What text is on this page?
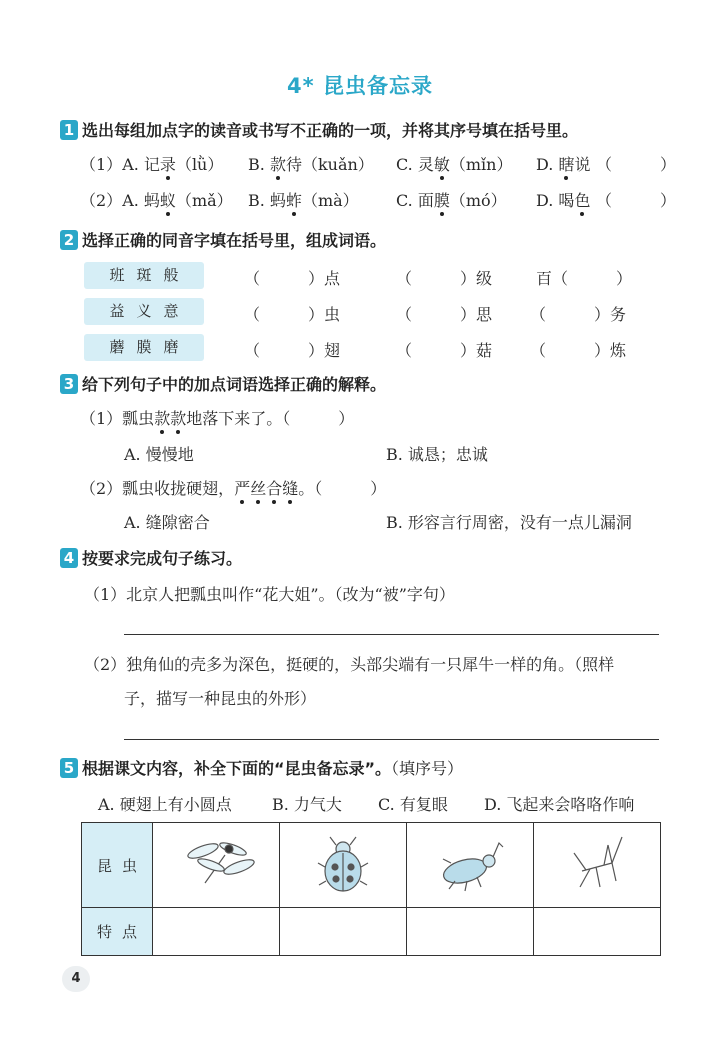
4* 昆虫备忘录
1 选出每组加点字的读音或书写不正确的一项，并将其序号填在括号里。
（1）A. 记录（lǜ） B. 款待（kuǎn） C. 灵敏（mǐn） D. 瞎说 （　　　）
（2）A. 蚂蚁（mǎ） B. 蚂蚱（mà） C. 面膜（mó） D. 喝色 （　　　）
2 选择正确的同音字填在括号里，组成词语。
班斑般	（　　　）点	（　　　）级	百（　　　）
益义意	（　　　）虫	（　　　）思 （　　　）务
蘑膜磨	（　　　）翅	（　　　）菇 （　　　）炼
3 给下列句子中的加点词语选择正确的解释。
（1）瓢虫款款地落下来了。（　　　）
A. 慢慢地	B. 诚恳；忠诚
（2）瓢虫收拢硬翅，严丝合缝。（　　　）
A. 缝隙密合	B. 形容言行周密，没有一点儿漏洞
4 按要求完成句子练习。
（1）北京人把瓢虫叫作“花大姐”。（改为“被”字句）
（2）独角仙的壳多为深色，挺硬的，头部尖端有一只犀牛一样的角。（照样
子，描写一种昆虫的外形）
5 根据课文内容，补全下面的“昆虫备忘录”。（填序号）
A. 硬翅上有小圆点	B. 力气大 C. 有复眼 D. 飞起来会咯咯作响
昆虫				
特点				
4
